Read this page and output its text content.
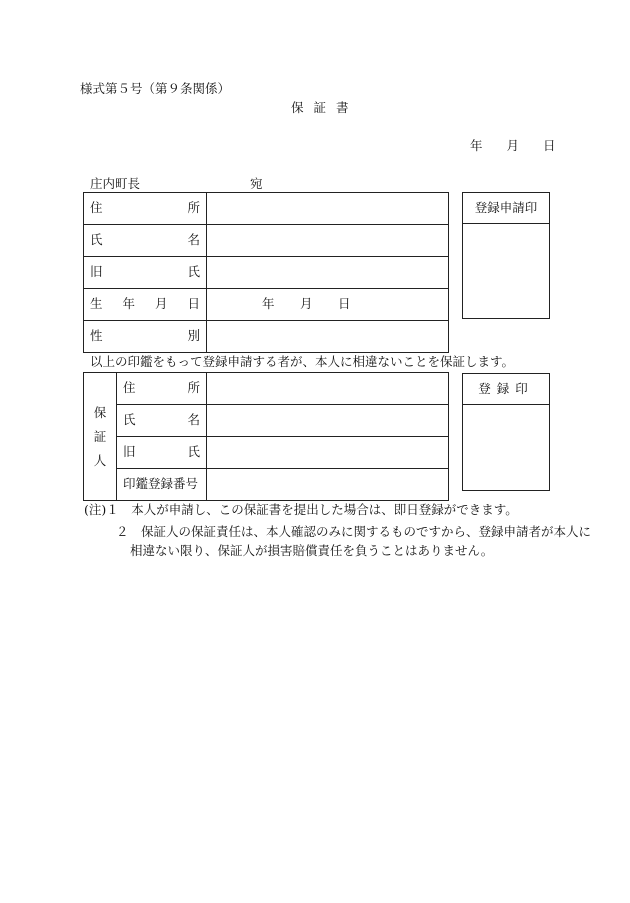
様式第５号（第９条関係）
保証書
年 月 日
庄内町長	宛
住 所	

氏 名	

旧 氏	

生 年 月 日	年 月 日

性 別	

登録申請印
以上の印鑑をもって登録申請する者が、本人に相違ないことを保証します。
保証人	住 所	

	氏 名	

	旧 氏	

	印鑑登録番号	

登録印
(注)１　本人が申請し、この保証書を提出した場合は、即日登録ができます。
２　保証人の保証責任は、本人確認のみに関するものですから、登録申請者が本人に
相違ない限り、保証人が損害賠償責任を負うことはありません。
